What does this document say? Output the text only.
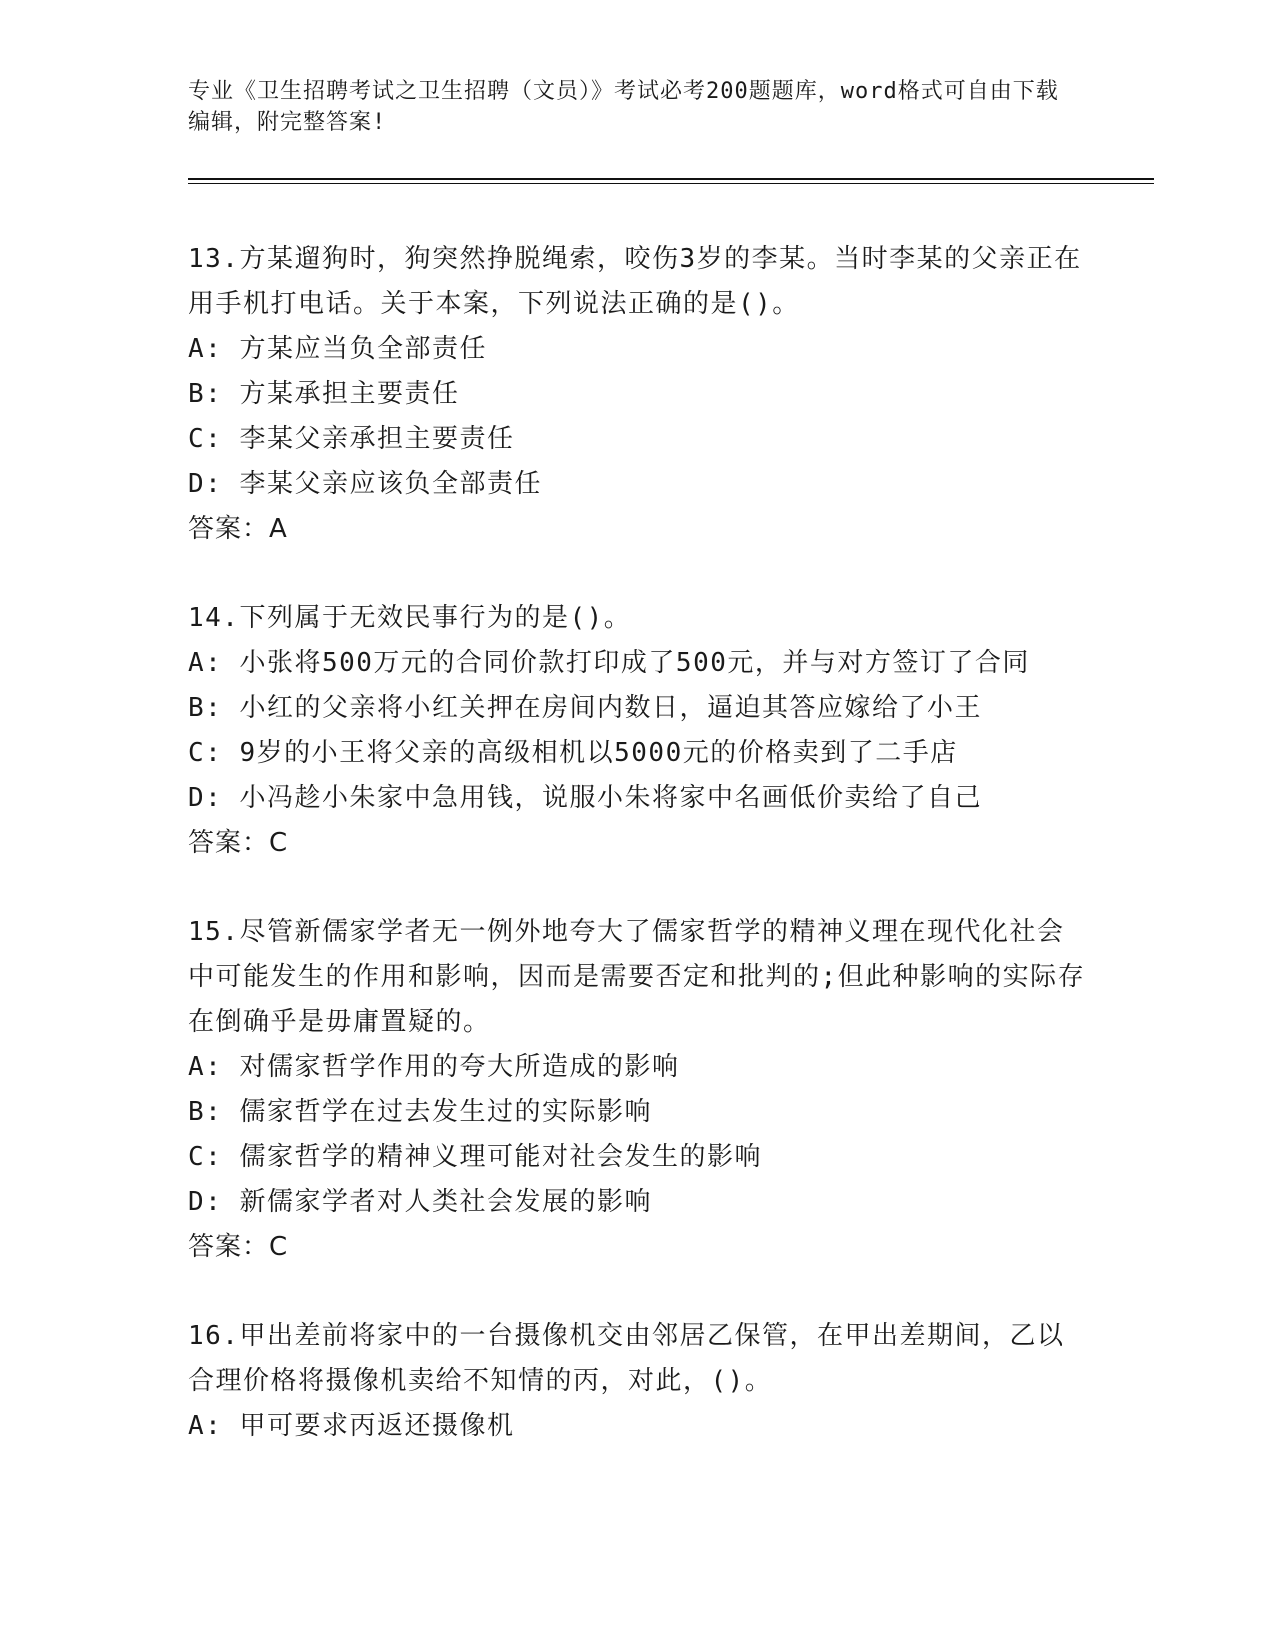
专业《卫生招聘考试之卫生招聘（文员）》考试必考200题题库，word格式可自由下载编辑，附完整答案!
13.方某遛狗时，狗突然挣脱绳索，咬伤3岁的李某。当时李某的父亲正在用手机打电话。关于本案，下列说法正确的是()。
A: 方某应当负全部责任
B: 方某承担主要责任
C: 李某父亲承担主要责任
D: 李某父亲应该负全部责任
答案：A
14.下列属于无效民事行为的是()。
A: 小张将500万元的合同价款打印成了500元，并与对方签订了合同
B: 小红的父亲将小红关押在房间内数日，逼迫其答应嫁给了小王
C: 9岁的小王将父亲的高级相机以5000元的价格卖到了二手店
D: 小冯趁小朱家中急用钱，说服小朱将家中名画低价卖给了自己
答案：C
15.尽管新儒家学者无一例外地夸大了儒家哲学的精神义理在现代化社会中可能发生的作用和影响，因而是需要否定和批判的;但此种影响的实际存在倒确乎是毋庸置疑的。
A: 对儒家哲学作用的夸大所造成的影响
B: 儒家哲学在过去发生过的实际影响
C: 儒家哲学的精神义理可能对社会发生的影响
D: 新儒家学者对人类社会发展的影响
答案：C
16.甲出差前将家中的一台摄像机交由邻居乙保管，在甲出差期间，乙以合理价格将摄像机卖给不知情的丙，对此，()。
A: 甲可要求丙返还摄像机
